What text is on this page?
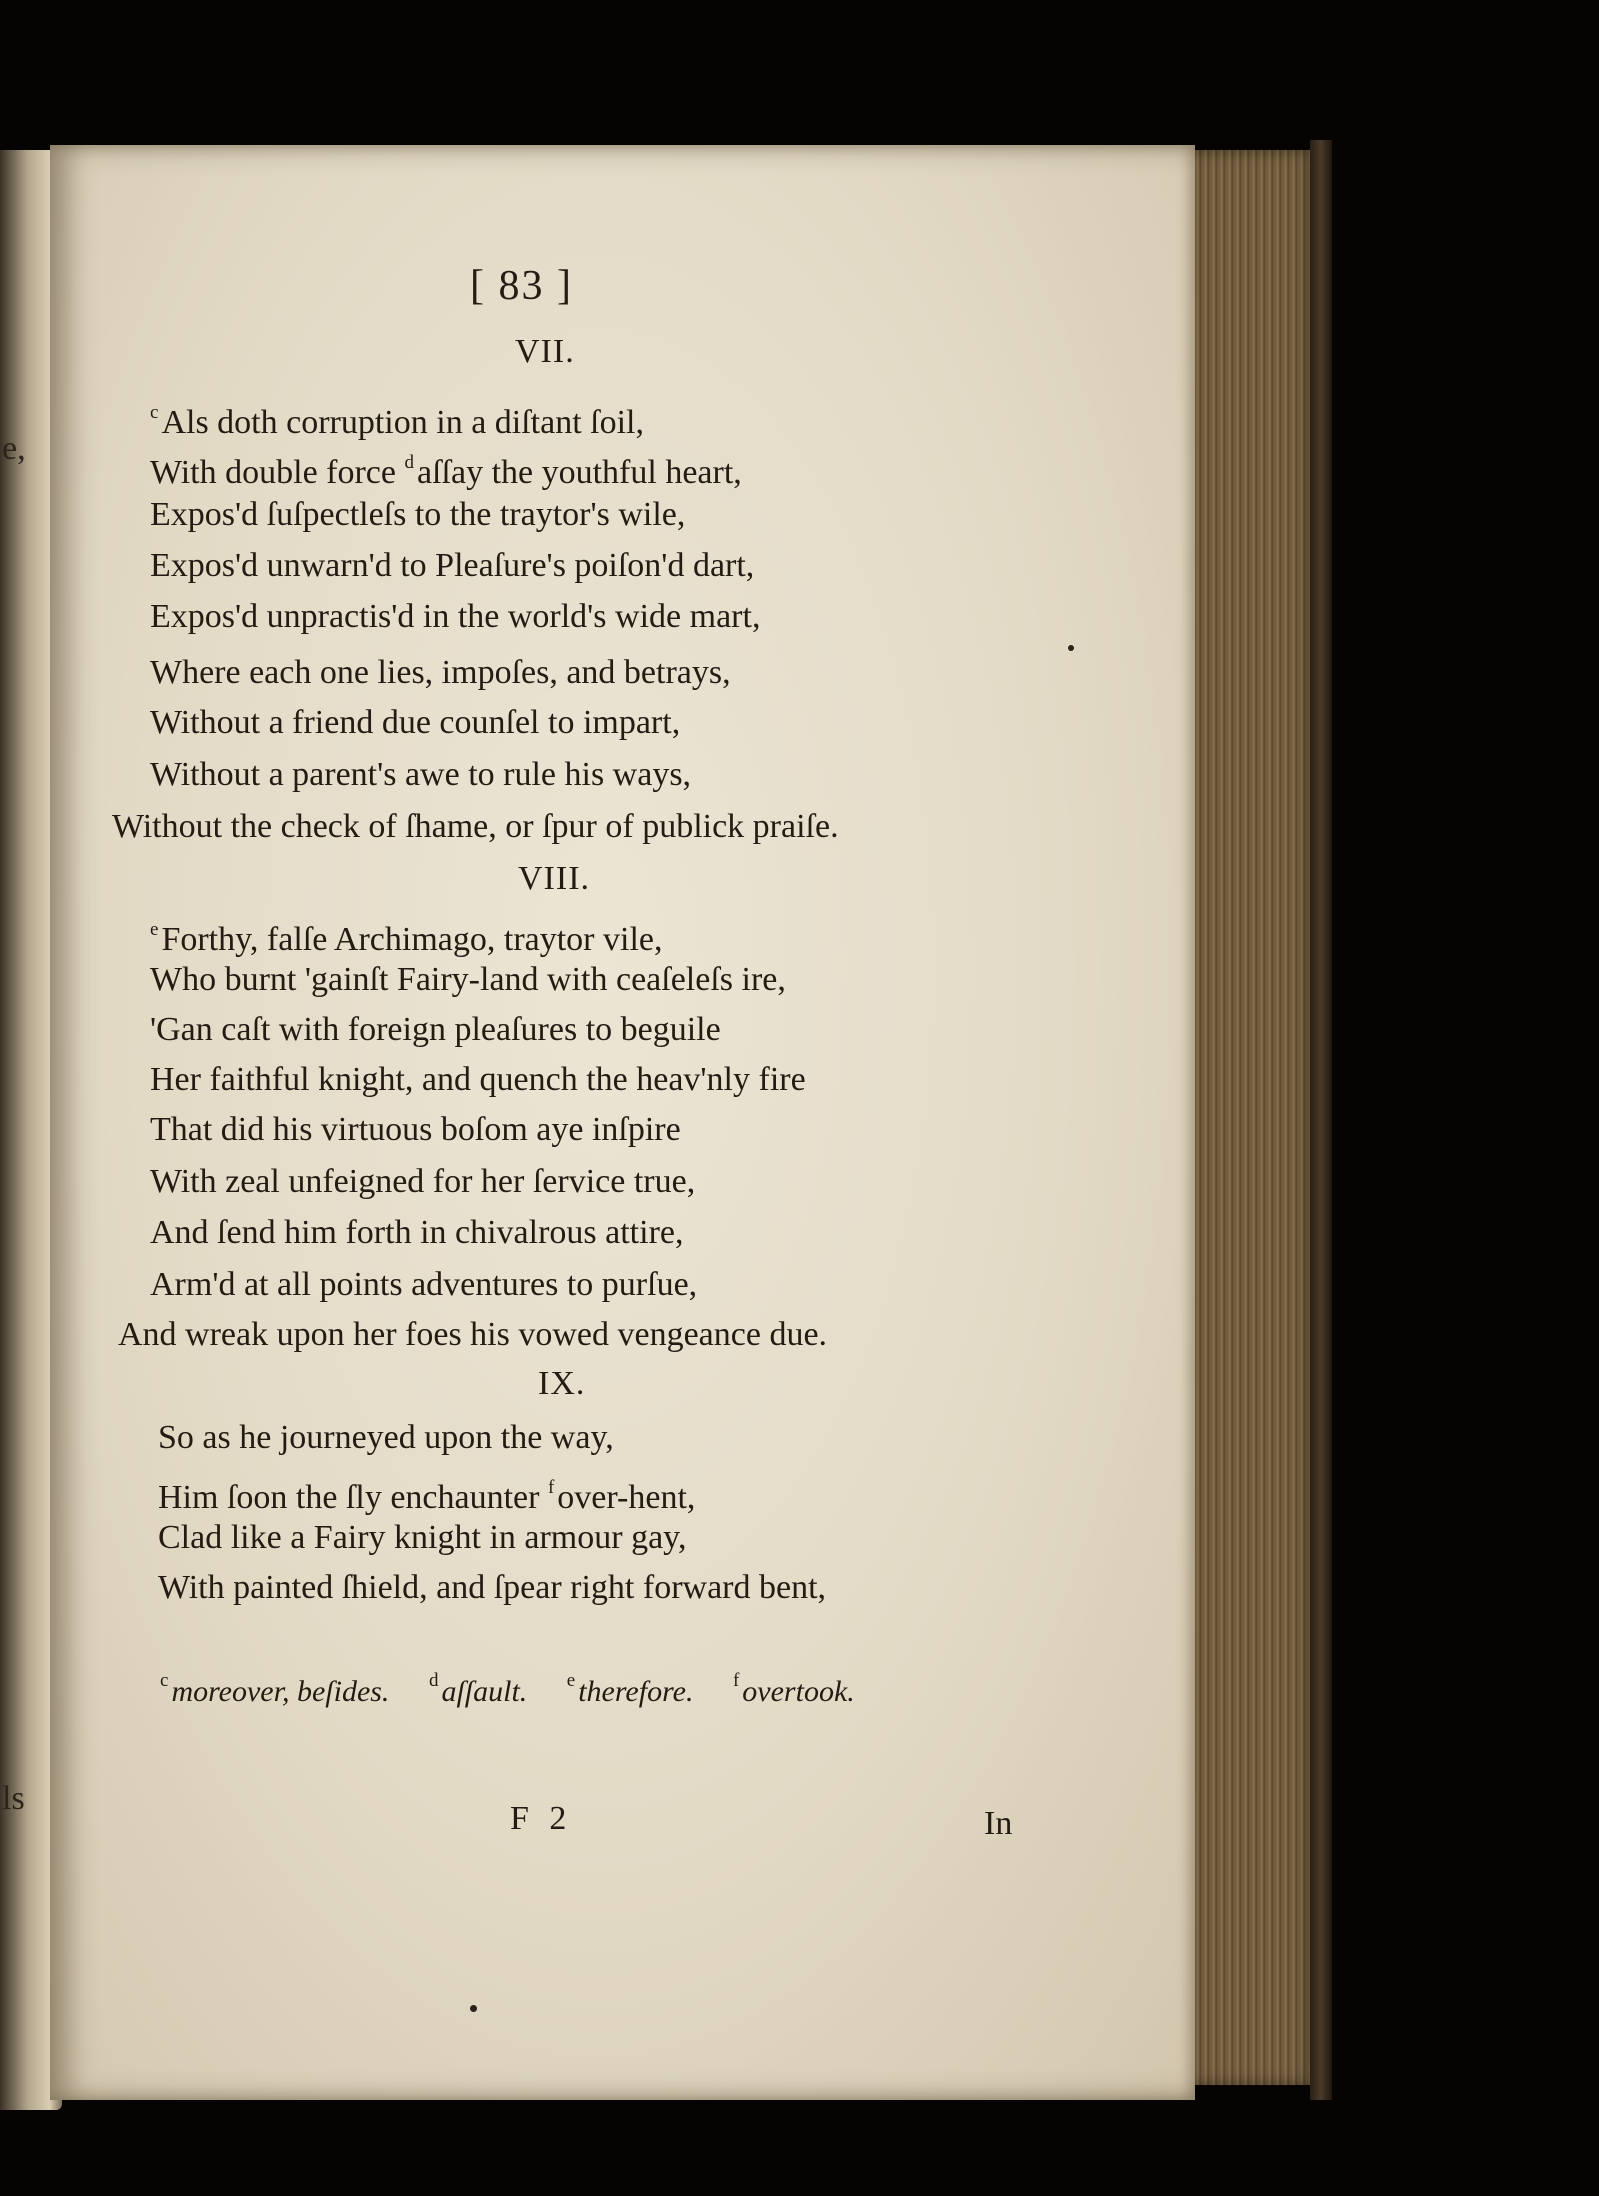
e,
ls
[ 83 ]
VII.
$^c$Als doth corruption in a diſtant ſoil,
With double force $^d$aſſay the youthful heart,
Expos'd ſuſpectleſs to the traytor's wile,
Expos'd unwarn'd to Pleaſure's poiſon'd dart,
Expos'd unpractis'd in the world's wide mart,
Where each one lies, impoſes, and betrays,
Without a friend due counſel to impart,
Without a parent's awe to rule his ways,
Without the check of ſhame, or ſpur of publick praiſe.
VIII.
$^e$Forthy, falſe Archimago, traytor vile,
Who burnt 'gainſt Fairy-land with ceaſeleſs ire,
'Gan caſt with foreign pleaſures to beguile
Her faithful knight, and quench the heav'nly fire
That did his virtuous boſom aye inſpire
With zeal unfeigned for her ſervice true,
And ſend him forth in chivalrous attire,
Arm'd at all points adventures to purſue,
And wreak upon her foes his vowed vengeance due.
IX.
So as he journeyed upon the way,
Him ſoon the ſly enchaunter $^f$over-hent,
Clad like a Fairy knight in armour gay,
With painted ſhield, and ſpear right forward bent,
$^c$ moreover, beſides. $^d$ aſſault. $^e$ therefore. $^f$ overtook.
F 2	In
